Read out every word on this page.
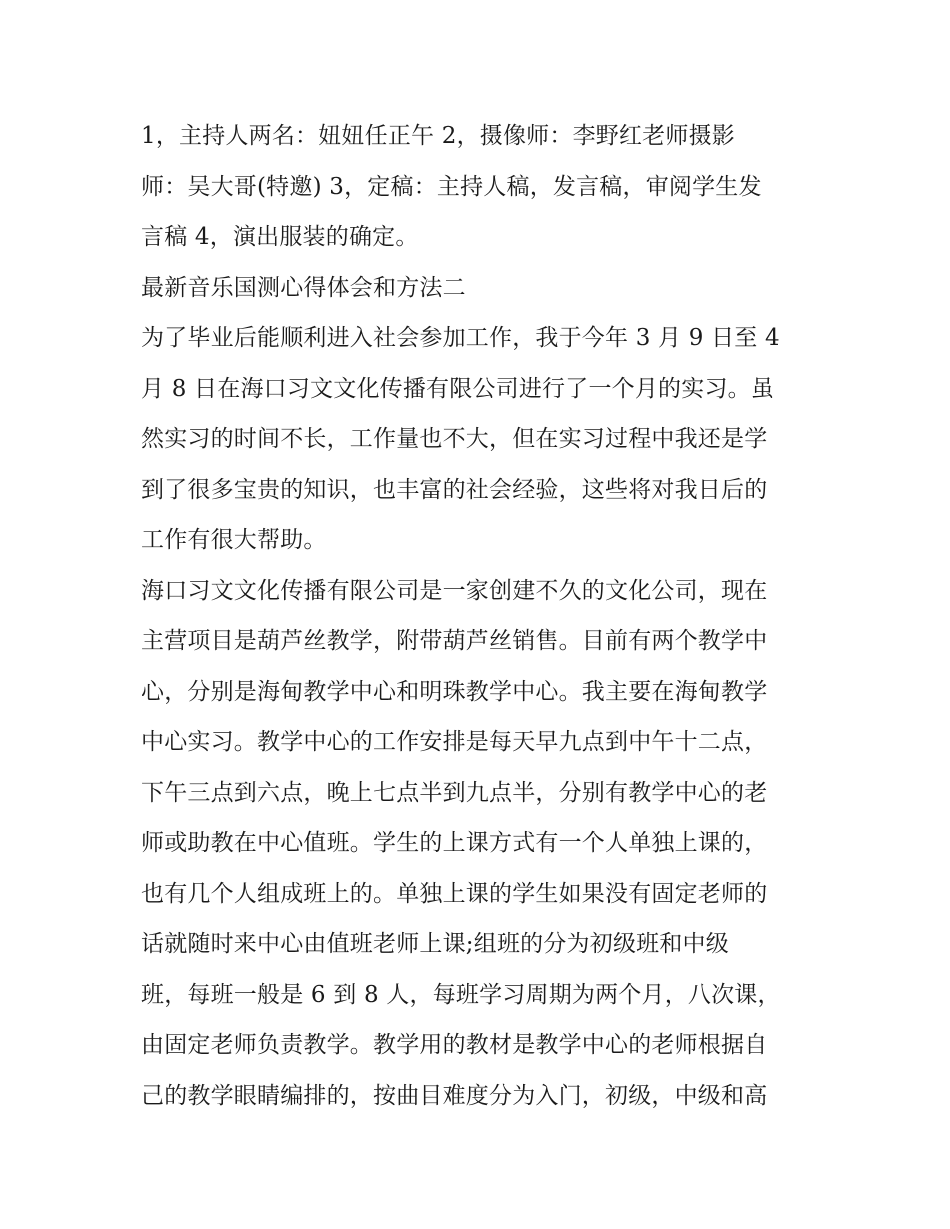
1，主持人两名：妞妞任正午 2，摄像师：李野红老师摄影
师：吴大哥(特邀) 3，定稿：主持人稿，发言稿，审阅学生发
言稿 4，演出服装的确定。
最新音乐国测心得体会和方法二
为了毕业后能顺利进入社会参加工作，我于今年 3 月 9 日至 4
月 8 日在海口习文文化传播有限公司进行了一个月的实习。虽
然实习的时间不长，工作量也不大，但在实习过程中我还是学
到了很多宝贵的知识，也丰富的社会经验，这些将对我日后的
工作有很大帮助。
海口习文文化传播有限公司是一家创建不久的文化公司，现在
主营项目是葫芦丝教学，附带葫芦丝销售。目前有两个教学中
心，分别是海甸教学中心和明珠教学中心。我主要在海甸教学
中心实习。教学中心的工作安排是每天早九点到中午十二点，
下午三点到六点，晚上七点半到九点半，分别有教学中心的老
师或助教在中心值班。学生的上课方式有一个人单独上课的，
也有几个人组成班上的。单独上课的学生如果没有固定老师的
话就随时来中心由值班老师上课;组班的分为初级班和中级
班，每班一般是 6 到 8 人，每班学习周期为两个月，八次课，
由固定老师负责教学。教学用的教材是教学中心的老师根据自
己的教学眼睛编排的，按曲目难度分为入门，初级，中级和高
